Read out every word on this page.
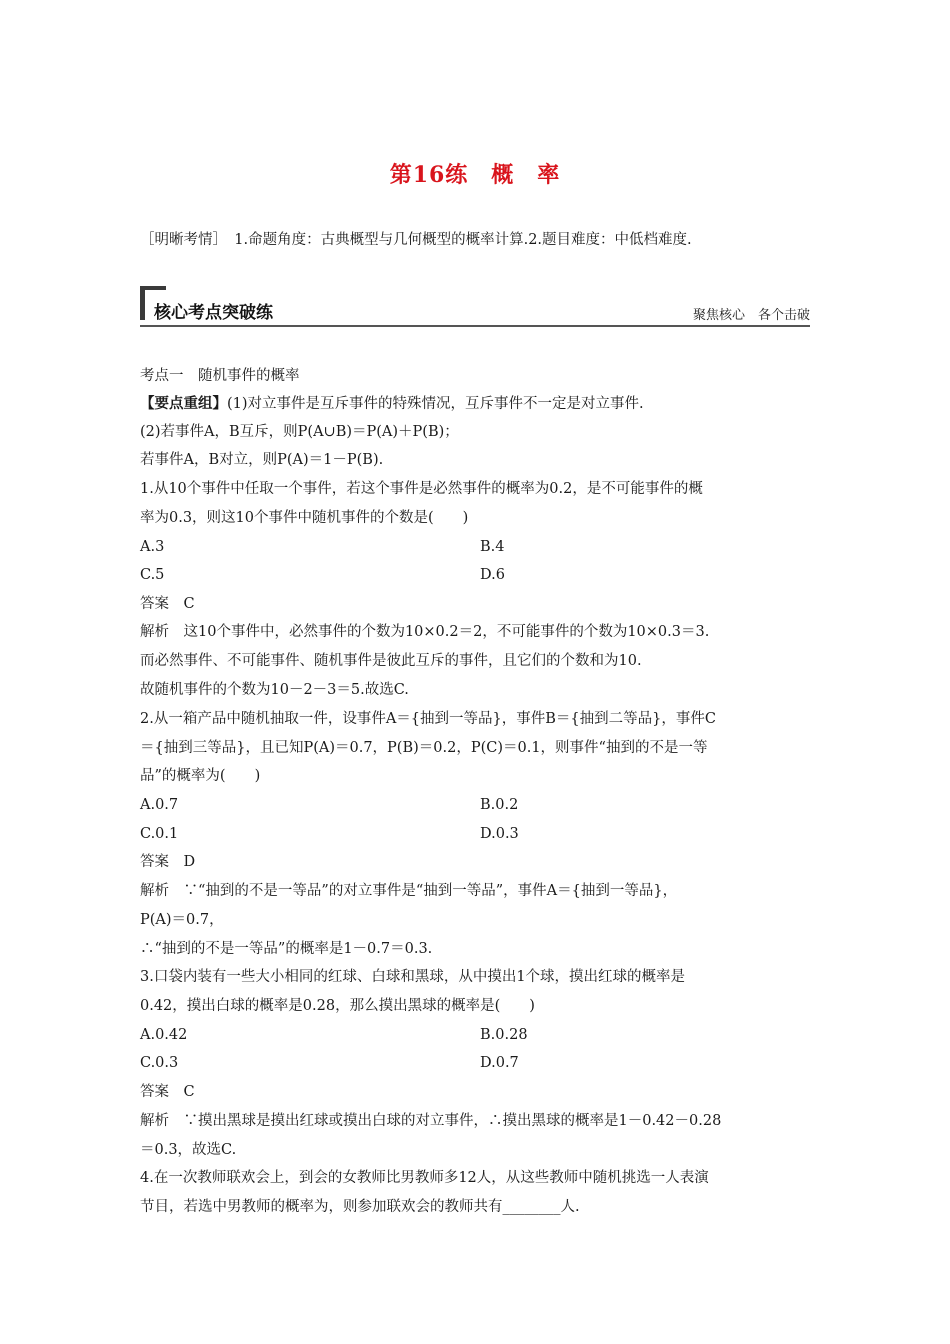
第16练　概　率
［明晰考情］　1.命题角度：古典概型与几何概型的概率计算.2.题目难度：中低档难度.
核心考点突破练	聚焦核心　各个击破
考点一　随机事件的概率
【要点重组】(1)对立事件是互斥事件的特殊情况，互斥事件不一定是对立事件.
(2)若事件A，B互斥，则P(A∪B)＝P(A)＋P(B)；
若事件A，B对立，则P(A)＝1－P(B).
1.从10个事件中任取一个事件，若这个事件是必然事件的概率为0.2，是不可能事件的概
率为0.3，则这10个事件中随机事件的个数是(　　)
A.3	B.4
C.5	D.6
答案　C
解析　这10个事件中，必然事件的个数为10×0.2＝2，不可能事件的个数为10×0.3＝3.
而必然事件、不可能事件、随机事件是彼此互斥的事件，且它们的个数和为10.
故随机事件的个数为10－2－3＝5.故选C.
2.从一箱产品中随机抽取一件，设事件A＝{抽到一等品}，事件B＝{抽到二等品}，事件C
＝{抽到三等品}，且已知P(A)＝0.7，P(B)＝0.2，P(C)＝0.1，则事件“抽到的不是一等
品”的概率为(　　)
A.0.7	B.0.2
C.0.1	D.0.3
答案　D
解析　∵“抽到的不是一等品”的对立事件是“抽到一等品”，事件A＝{抽到一等品}，
P(A)＝0.7，
∴“抽到的不是一等品”的概率是1－0.7＝0.3.
3.口袋内装有一些大小相同的红球、白球和黑球，从中摸出1个球，摸出红球的概率是
0.42，摸出白球的概率是0.28，那么摸出黑球的概率是(　　)
A.0.42	B.0.28
C.0.3	D.0.7
答案　C
解析　∵摸出黑球是摸出红球或摸出白球的对立事件，∴摸出黑球的概率是1－0.42－0.28
＝0.3，故选C.
4.在一次教师联欢会上，到会的女教师比男教师多12人，从这些教师中随机挑选一人表演
节目，若选中男教师的概率为，则参加联欢会的教师共有________人.
